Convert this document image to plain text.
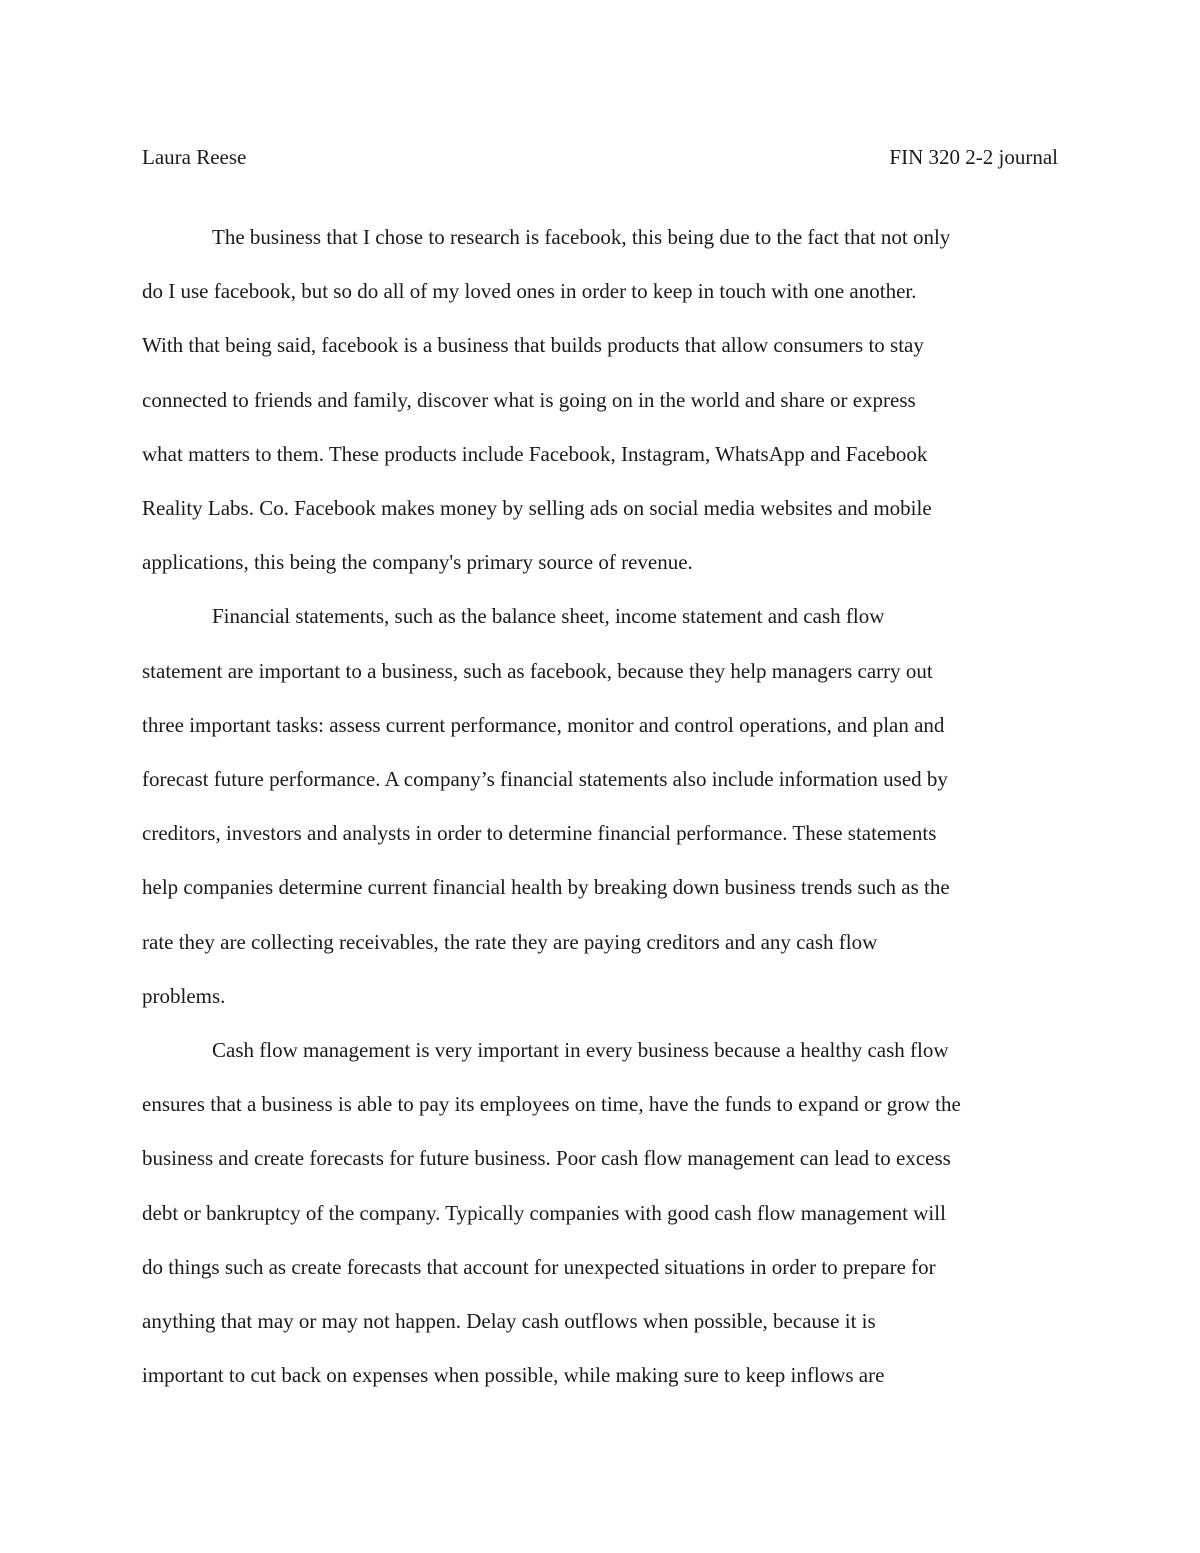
Laura Reese	FIN 320 2-2 journal

The business that I chose to research is facebook, this being due to the fact that not only
do I use facebook, but so do all of my loved ones in order to keep in touch with one another.
With that being said, facebook is a business that builds products that allow consumers to stay
connected to friends and family, discover what is going on in the world and share or express
what matters to them. These products include Facebook, Instagram, WhatsApp and Facebook
Reality Labs. Co. Facebook makes money by selling ads on social media websites and mobile
applications, this being the company's primary source of revenue.

Financial statements, such as the balance sheet, income statement and cash flow
statement are important to a business, such as facebook, because they help managers carry out
three important tasks: assess current performance, monitor and control operations, and plan and
forecast future performance. A company’s financial statements also include information used by
creditors, investors and analysts in order to determine financial performance. These statements
help companies determine current financial health by breaking down business trends such as the
rate they are collecting receivables, the rate they are paying creditors and any cash flow
problems.

Cash flow management is very important in every business because a healthy cash flow
ensures that a business is able to pay its employees on time, have the funds to expand or grow the
business and create forecasts for future business. Poor cash flow management can lead to excess
debt or bankruptcy of the company. Typically companies with good cash flow management will
do things such as create forecasts that account for unexpected situations in order to prepare for
anything that may or may not happen. Delay cash outflows when possible, because it is
important to cut back on expenses when possible, while making sure to keep inflows are
